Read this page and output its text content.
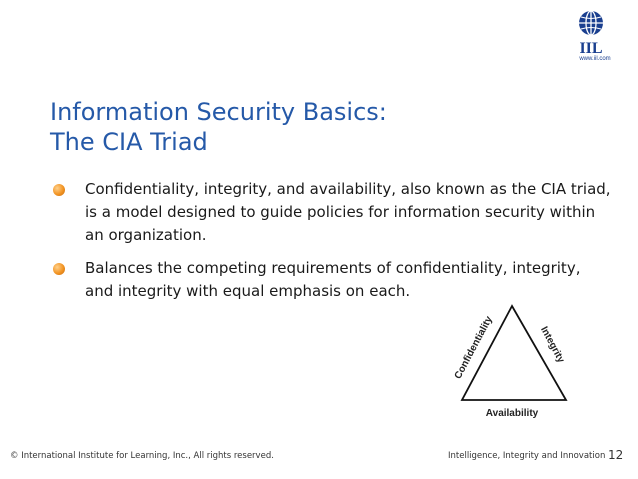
IIL
www.iil.com
Information Security Basics:
The CIA Triad
Confidentiality, integrity, and availability, also known as the CIA triad, is a model designed to guide policies for information security within an organization.
Balances the competing requirements of confidentiality, integrity, and integrity with equal emphasis on each.
Confidentiality	Integrity
Availability
© International Institute for Learning, Inc., All rights reserved.	Intelligence, Integrity and Innovation 12
